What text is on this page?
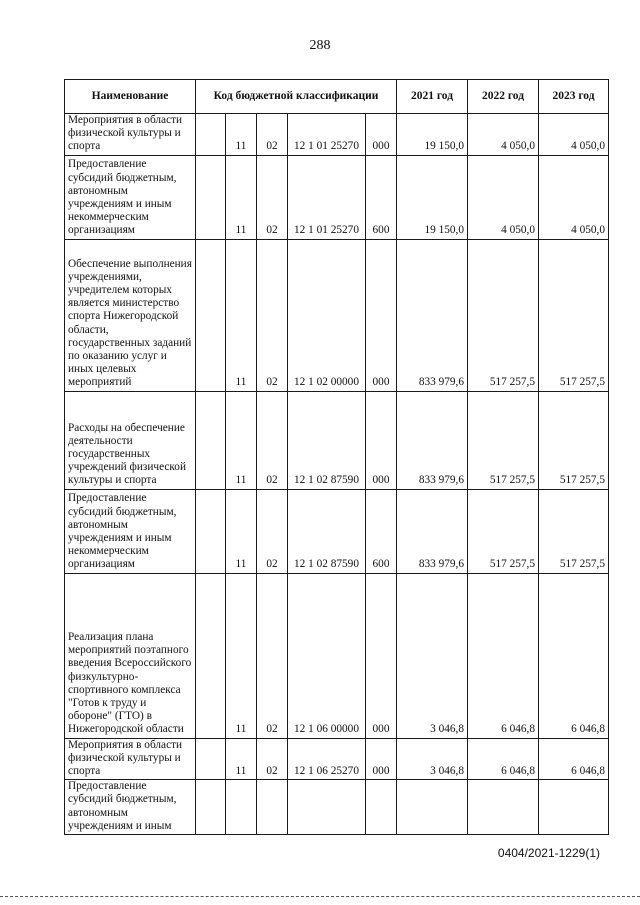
288
Наименование	Код бюджетной классификации					2021 год	2022 год	2023 год
Мероприятия в области физической культуры и спорта		11	02	12 1 01 25270	000	19 150,0	4 050,0	4 050,0
Предоставление субсидий бюджетным, автономным учреждениям и иным некоммерческим организациям		11	02	12 1 01 25270	600	19 150,0	4 050,0	4 050,0
Обеспечение выполнения учреждениями, учредителем которых является министерство спорта Нижегородской области, государственных заданий по оказанию услуг и иных целевых мероприятий		11	02	12 1 02 00000	000	833 979,6	517 257,5	517 257,5
Расходы на обеспечение деятельности государственных учреждений физической культуры и спорта		11	02	12 1 02 87590	000	833 979,6	517 257,5	517 257,5
Предоставление субсидий бюджетным, автономным учреждениям и иным некоммерческим организациям		11	02	12 1 02 87590	600	833 979,6	517 257,5	517 257,5
Реализация плана мероприятий поэтапного введения Всероссийского физкультурно-спортивного комплекса "Готов к труду и обороне" (ГТО) в Нижегородской области		11	02	12 1 06 00000	000	3 046,8	6 046,8	6 046,8
Мероприятия в области физической культуры и спорта		11	02	12 1 06 25270	000	3 046,8	6 046,8	6 046,8
Предоставление субсидий бюджетным, автономным учреждениям и иным								
0404/2021-1229(1)
